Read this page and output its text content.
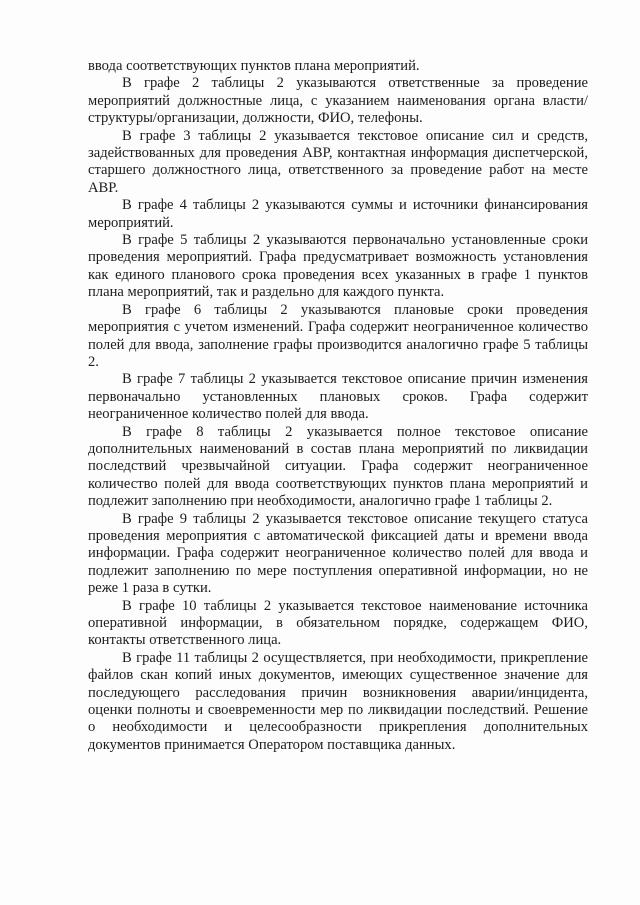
ввода соответствующих пунктов плана мероприятий.

В графе 2 таблицы 2 указываются ответственные за проведение мероприятий должностные лица, с указанием наименования органа власти/структуры/организации, должности, ФИО, телефоны.

В графе 3 таблицы 2 указывается текстовое описание сил и средств, задействованных для проведения АВР, контактная информация диспетчерской, старшего должностного лица, ответственного за проведение работ на месте АВР.

В графе 4 таблицы 2 указываются суммы и источники финансирования мероприятий.

В графе 5 таблицы 2 указываются первоначально установленные сроки проведения мероприятий. Графа предусматривает возможность установления как единого планового срока проведения всех указанных в графе 1 пунктов плана мероприятий, так и раздельно для каждого пункта.

В графе 6 таблицы 2 указываются плановые сроки проведения мероприятия с учетом изменений. Графа содержит неограниченное количество полей для ввода, заполнение графы производится аналогично графе 5 таблицы 2.

В графе 7 таблицы 2 указывается текстовое описание причин изменения первоначально установленных плановых сроков. Графа содержит неограниченное количество полей для ввода.

В графе 8 таблицы 2 указывается полное текстовое описание дополнительных наименований в состав плана мероприятий по ликвидации последствий чрезвычайной ситуации. Графа содержит неограниченное количество полей для ввода соответствующих пунктов плана мероприятий и подлежит заполнению при необходимости, аналогично графе 1 таблицы 2.

В графе 9 таблицы 2 указывается текстовое описание текущего статуса проведения мероприятия с автоматической фиксацией даты и времени ввода информации. Графа содержит неограниченное количество полей для ввода и подлежит заполнению по мере поступления оперативной информации, но не реже 1 раза в сутки.

В графе 10 таблицы 2 указывается текстовое наименование источника оперативной информации, в обязательном порядке, содержащем ФИО, контакты ответственного лица.

В графе 11 таблицы 2 осуществляется, при необходимости, прикрепление файлов скан копий иных документов, имеющих существенное значение для последующего расследования причин возникновения аварии/инцидента, оценки полноты и своевременности мер по ликвидации последствий. Решение о необходимости и целесообразности прикрепления дополнительных документов принимается Оператором поставщика данных.
